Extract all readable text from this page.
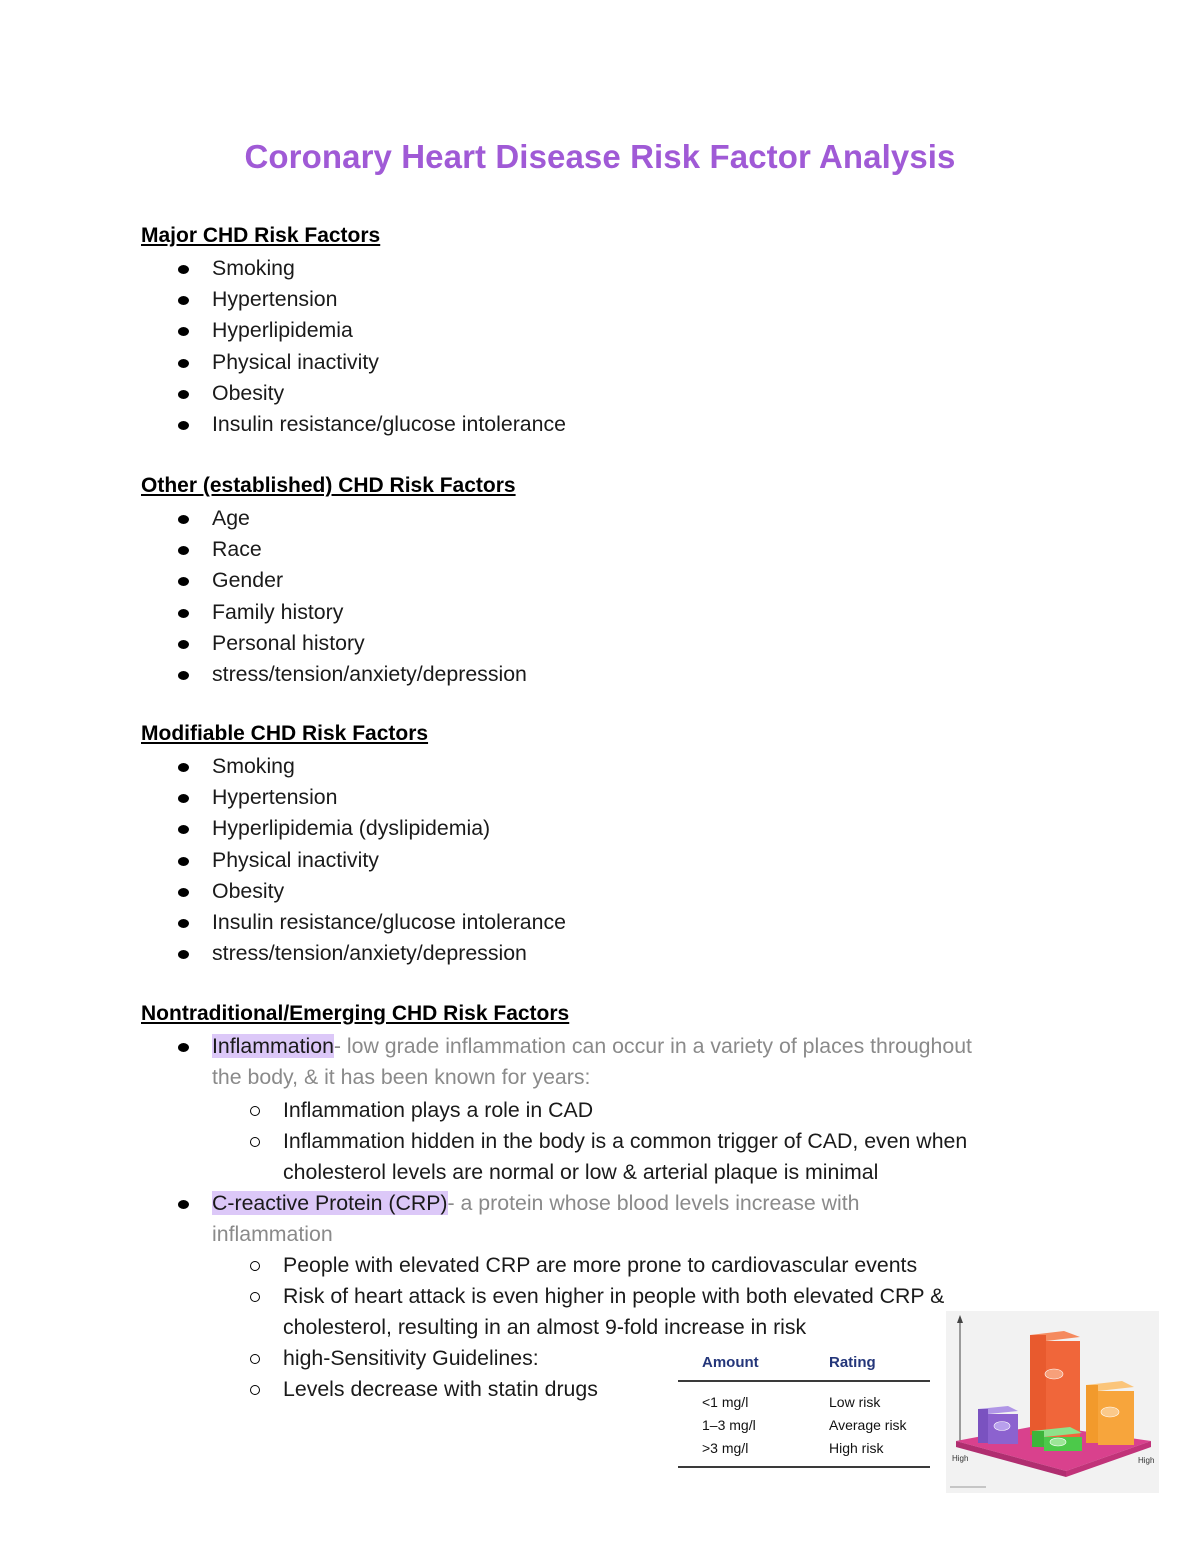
Coronary Heart Disease Risk Factor Analysis
Major CHD Risk Factors
Smoking
Hypertension
Hyperlipidemia
Physical inactivity
Obesity
Insulin resistance/glucose intolerance
Other (established) CHD Risk Factors
Age
Race
Gender
Family history
Personal history
stress/tension/anxiety/depression
Modifiable CHD Risk Factors
Smoking
Hypertension
Hyperlipidemia (dyslipidemia)
Physical inactivity
Obesity
Insulin resistance/glucose intolerance
stress/tension/anxiety/depression
Nontraditional/Emerging CHD Risk Factors
Inflammation- low grade inflammation can occur in a variety of places throughout
the body, & it has been known for years:
Inflammation plays a role in CAD
Inflammation hidden in the body is a common trigger of CAD, even when
cholesterol levels are normal or low & arterial plaque is minimal
C-reactive Protein (CRP)- a protein whose blood levels increase with
inflammation
People with elevated CRP are more prone to cardiovascular events
Risk of heart attack is even higher in people with both elevated CRP &
cholesterol, resulting in an almost 9-fold increase in risk
high-Sensitivity Guidelines:
Levels decrease with statin drugs
Amount	Rating
<1 mg/l	Low risk
1–3 mg/l	Average risk
>3 mg/l	High risk
High	High
